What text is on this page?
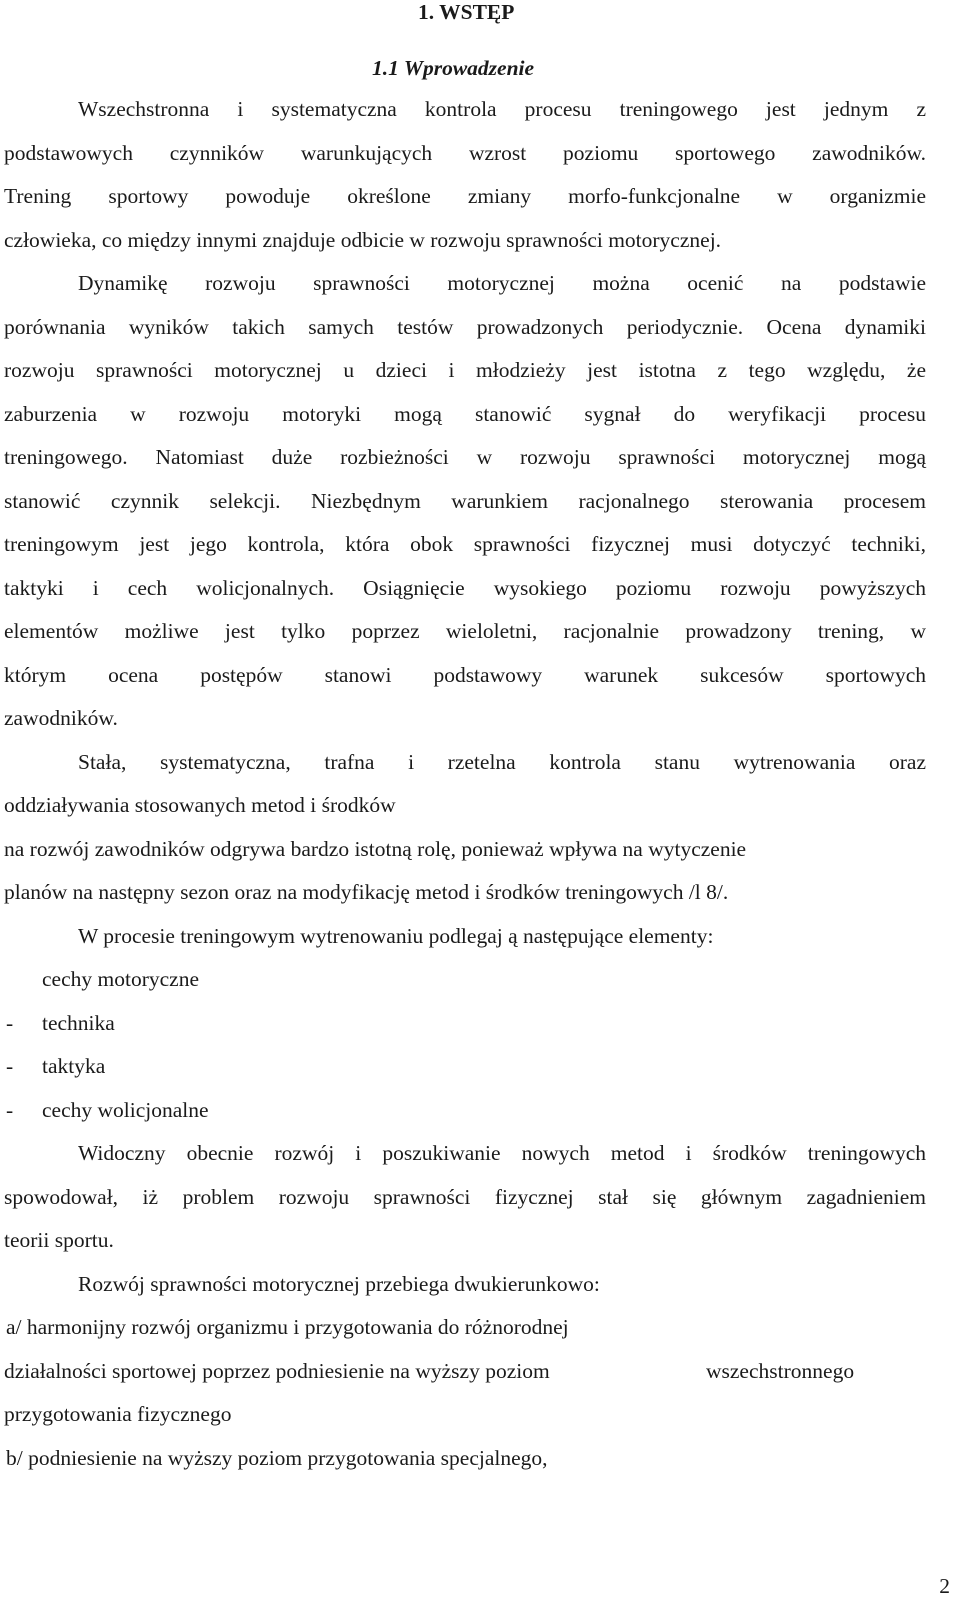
1. WSTĘP
1.1 Wprowadzenie
Wszechstronna i systematyczna kontrola procesu treningowego jest jednym z
podstawowych czynników warunkujących wzrost poziomu sportowego zawodników.
Trening sportowy powoduje określone zmiany morfo-funkcjonalne w organizmie
człowieka, co między innymi znajduje odbicie w rozwoju sprawności motorycznej.
Dynamikę rozwoju sprawności motorycznej można ocenić na podstawie
porównania wyników takich samych testów prowadzonych periodycznie. Ocena dynamiki
rozwoju sprawności motorycznej u dzieci i młodzieży jest istotna z tego względu, że
zaburzenia w rozwoju motoryki mogą stanowić sygnał do weryfikacji procesu
treningowego. Natomiast duże rozbieżności w rozwoju sprawności motorycznej mogą
stanowić czynnik selekcji. Niezbędnym warunkiem racjonalnego sterowania procesem
treningowym jest jego kontrola, która obok sprawności fizycznej musi dotyczyć techniki,
taktyki i cech wolicjonalnych. Osiągnięcie wysokiego poziomu rozwoju powyższych
elementów możliwe jest tylko poprzez wieloletni, racjonalnie prowadzony trening, w
którym ocena postępów stanowi podstawowy warunek sukcesów sportowych
zawodników.
Stała, systematyczna, trafna i rzetelna kontrola stanu wytrenowania oraz
oddziaływania stosowanych metod i środków
na rozwój zawodników odgrywa bardzo istotną rolę, ponieważ wpływa na wytyczenie
planów na następny sezon oraz na modyfikację metod i środków treningowych /l 8/.
W procesie treningowym wytrenowaniu podlegaj ą następujące elementy:
cechy motoryczne
- technika
- taktyka
- cechy wolicjonalne
Widoczny obecnie rozwój i poszukiwanie nowych metod i środków treningowych
spowodował, iż problem rozwoju sprawności fizycznej stał się głównym zagadnieniem
teorii sportu.
Rozwój sprawności motorycznej przebiega dwukierunkowo:
a/ harmonijny rozwój organizmu i przygotowania do różnorodnej
działalności sportowej poprzez podniesienie na wyższy poziom	wszechstronnego
przygotowania fizycznego
b/ podniesienie na wyższy poziom przygotowania specjalnego,
2
